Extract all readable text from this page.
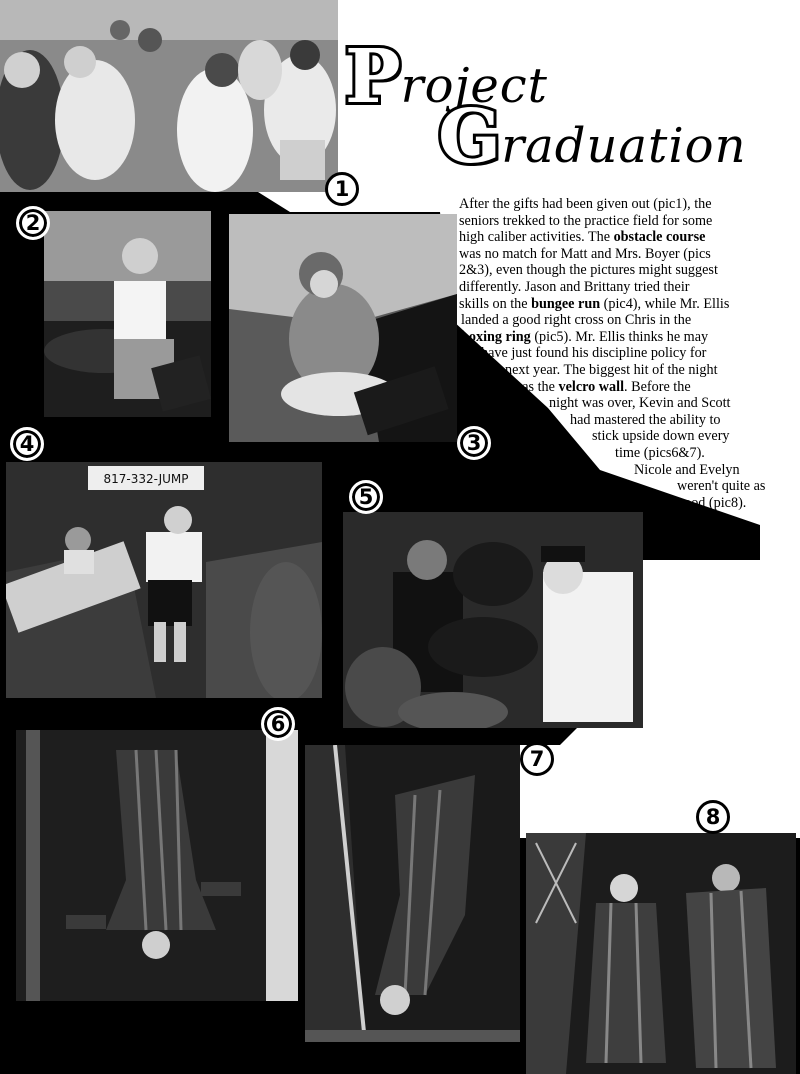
Project
Graduation
After the gifts had been given out (pic1), the
seniors trekked to the practice field for some
high caliber activities. The obstacle course
was no match for Matt and Mrs. Boyer (pics
2&3), even though the pictures might suggest
differently. Jason and Brittany tried their
skills on the bungee run (pic4), while Mr. Ellis
landed a good right cross on Chris in the
boxing ring (pic5). Mr. Ellis thinks he may
have just found his discipline policy for
next year. The biggest hit of the night
was the velcro wall. Before the
night was over, Kevin and Scott
had mastered the ability to
stick upside down every
time (pics6&7).
Nicole and Evelyn
weren't quite as
good (pic8).
817-332-JUMP
1
2
3
4
5
6
7
8
